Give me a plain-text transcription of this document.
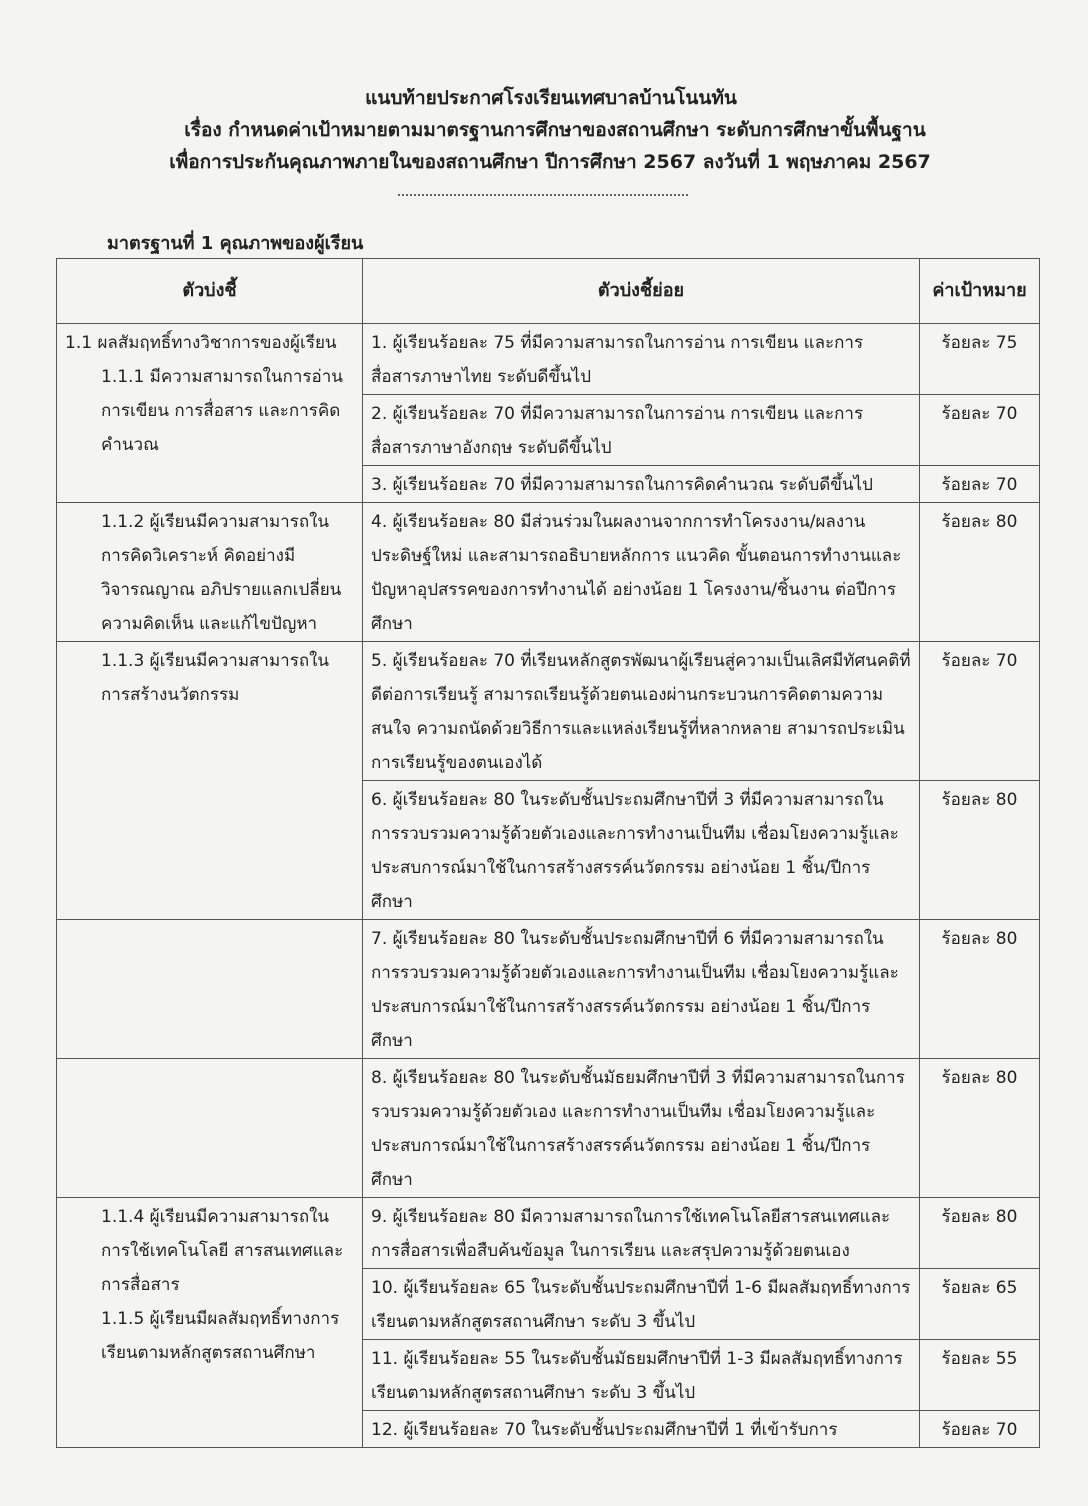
แนบท้ายประกาศโรงเรียนเทศบาลบ้านโนนทัน
เรื่อง กำหนดค่าเป้าหมายตามมาตรฐานการศึกษาของสถานศึกษา ระดับการศึกษาขั้นพื้นฐาน
เพื่อการประกันคุณภาพภายในของสถานศึกษา ปีการศึกษา 2567 ลงวันที่ 1 พฤษภาคม 2567
มาตรฐานที่ 1 คุณภาพของผู้เรียน
ตัวบ่งชี้	ตัวบ่งชี้ย่อย	ค่าเป้าหมาย

1.1 ผลสัมฤทธิ์ทางวิชาการของผู้เรียน
1.1.1 มีความสามารถในการอ่าน การเขียน การสื่อสาร และการคิดคำนวณ	1. ผู้เรียนร้อยละ 75 ที่มีความสามารถในการอ่าน การเขียน และการสื่อสารภาษาไทย ระดับดีขึ้นไป	ร้อยละ 75
	2. ผู้เรียนร้อยละ 70 ที่มีความสามารถในการอ่าน การเขียน และการสื่อสารภาษาอังกฤษ ระดับดีขึ้นไป	ร้อยละ 70
	3. ผู้เรียนร้อยละ 70 ที่มีความสามารถในการคิดคำนวณ ระดับดีขึ้นไป	ร้อยละ 70

1.1.2 ผู้เรียนมีความสามารถในการคิดวิเคราะห์ คิดอย่างมีวิจารณญาณ อภิปรายแลกเปลี่ยนความคิดเห็น และแก้ไขปัญหา	4. ผู้เรียนร้อยละ 80 มีส่วนร่วมในผลงานจากการทำโครงงาน/ผลงานประดิษฐ์ใหม่ และสามารถอธิบายหลักการ แนวคิด ขั้นตอนการทำงานและปัญหาอุปสรรคของการทำงานได้ อย่างน้อย 1 โครงงาน/ชิ้นงาน ต่อปีการศึกษา	ร้อยละ 80

1.1.3 ผู้เรียนมีความสามารถในการสร้างนวัตกรรม	5. ผู้เรียนร้อยละ 70 ที่เรียนหลักสูตรพัฒนาผู้เรียนสู่ความเป็นเลิศมีทัศนคติที่ดีต่อการเรียนรู้ สามารถเรียนรู้ด้วยตนเองผ่านกระบวนการคิดตามความสนใจ ความถนัดด้วยวิธีการและแหล่งเรียนรู้ที่หลากหลาย สามารถประเมินการเรียนรู้ของตนเองได้	ร้อยละ 70
	6. ผู้เรียนร้อยละ 80 ในระดับชั้นประถมศึกษาปีที่ 3 ที่มีความสามารถในการรวบรวมความรู้ด้วยตัวเองและการทำงานเป็นทีม เชื่อมโยงความรู้และประสบการณ์มาใช้ในการสร้างสรรค์นวัตกรรม อย่างน้อย 1 ชิ้น/ปีการศึกษา	ร้อยละ 80
	7. ผู้เรียนร้อยละ 80 ในระดับชั้นประถมศึกษาปีที่ 6 ที่มีความสามารถในการรวบรวมความรู้ด้วยตัวเองและการทำงานเป็นทีม เชื่อมโยงความรู้และประสบการณ์มาใช้ในการสร้างสรรค์นวัตกรรม อย่างน้อย 1 ชิ้น/ปีการศึกษา	ร้อยละ 80
	8. ผู้เรียนร้อยละ 80 ในระดับชั้นมัธยมศึกษาปีที่ 3 ที่มีความสามารถในการรวบรวมความรู้ด้วยตัวเอง และการทำงานเป็นทีม เชื่อมโยงความรู้และประสบการณ์มาใช้ในการสร้างสรรค์นวัตกรรม อย่างน้อย 1 ชิ้น/ปีการศึกษา	ร้อยละ 80

1.1.4 ผู้เรียนมีความสามารถในการใช้เทคโนโลยี สารสนเทศและการสื่อสาร
1.1.5 ผู้เรียนมีผลสัมฤทธิ์ทางการเรียนตามหลักสูตรสถานศึกษา	9. ผู้เรียนร้อยละ 80 มีความสามารถในการใช้เทคโนโลยีสารสนเทศและการสื่อสารเพื่อสืบค้นข้อมูล ในการเรียน และสรุปความรู้ด้วยตนเอง	ร้อยละ 80
	10. ผู้เรียนร้อยละ 65 ในระดับชั้นประถมศึกษาปีที่ 1-6 มีผลสัมฤทธิ์ทางการเรียนตามหลักสูตรสถานศึกษา ระดับ 3 ขึ้นไป	ร้อยละ 65
	11. ผู้เรียนร้อยละ 55 ในระดับชั้นมัธยมศึกษาปีที่ 1-3 มีผลสัมฤทธิ์ทางการเรียนตามหลักสูตรสถานศึกษา ระดับ 3 ขึ้นไป	ร้อยละ 55
	12. ผู้เรียนร้อยละ 70 ในระดับชั้นประถมศึกษาปีที่ 1 ที่เข้ารับการ	ร้อยละ 70
